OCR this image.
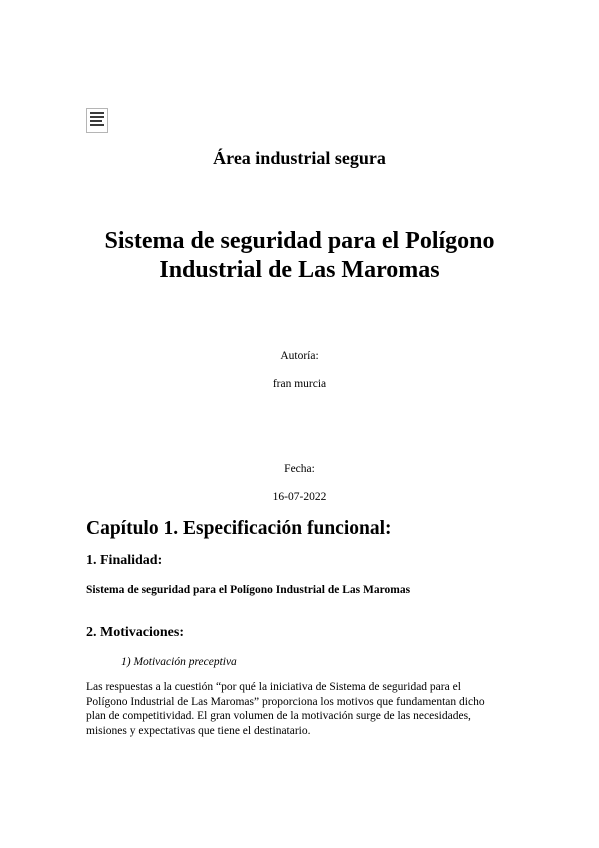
Área industrial segura
Sistema de seguridad para el Polígono
Industrial de Las Maromas
Autoría:
fran murcia
Fecha:
16-07-2022
Capítulo 1. Especificación funcional:
1. Finalidad:
Sistema de seguridad para el Polígono Industrial de Las Maromas
2. Motivaciones:
1) Motivación preceptiva
Las respuestas a la cuestión “por qué la iniciativa de Sistema de seguridad para el
Polígono Industrial de Las Maromas” proporciona los motivos que fundamentan dicho
plan de competitividad. El gran volumen de la motivación surge de las necesidades,
misiones y expectativas que tiene el destinatario.
